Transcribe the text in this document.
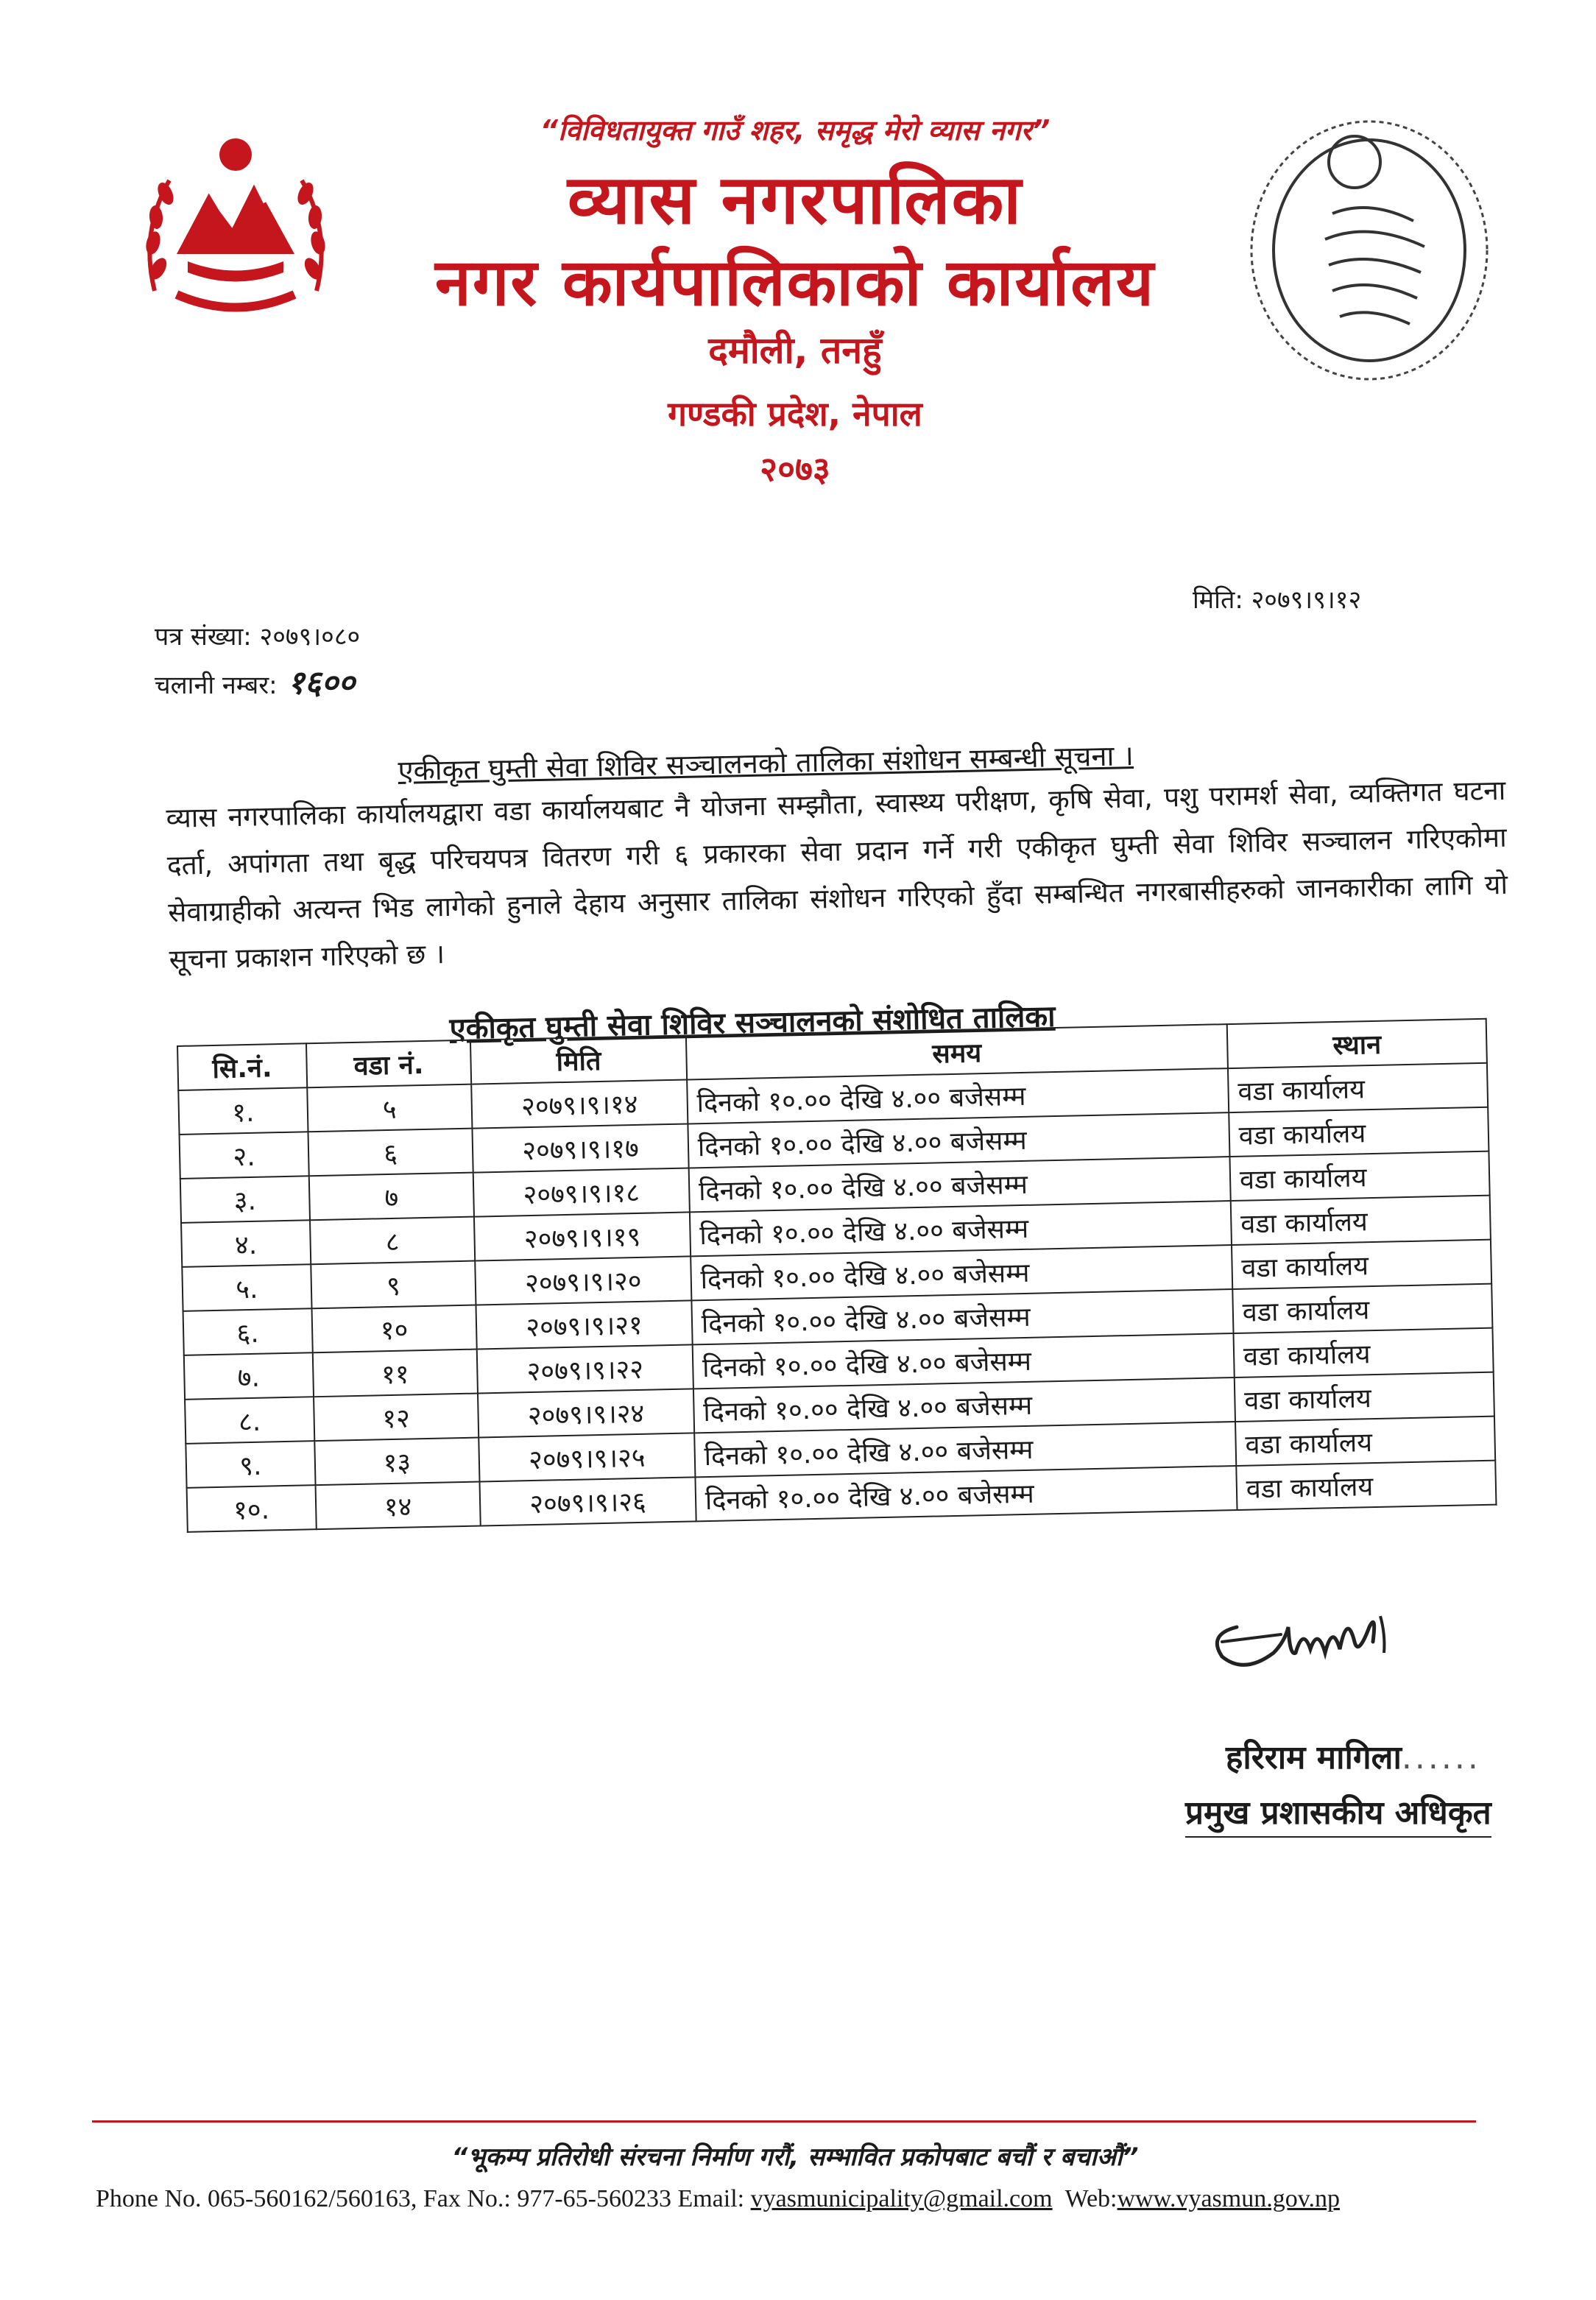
“विविधतायुक्त गाउँ शहर, समृद्ध मेरो व्यास नगर”
व्यास नगरपालिका
नगर कार्यपालिकाको कार्यालय
दमौली, तनहुँ
गण्डकी प्रदेश, नेपाल
२०७३
मिति: २०७९।९।१२
पत्र संख्या: २०७९।०८०
चलानी नम्बर: १६००
एकीकृत घुम्ती सेवा शिविर सञ्चालनको तालिका संशोधन सम्बन्धी सूचना ।
व्यास नगरपालिका कार्यालयद्वारा वडा कार्यालयबाट नै योजना सम्झौता, स्वास्थ्य परीक्षण, कृषि सेवा, पशु परामर्श सेवा, व्यक्तिगत घटना दर्ता, अपांगता तथा बृद्ध परिचयपत्र वितरण गरी ६ प्रकारका सेवा प्रदान गर्ने गरी एकीकृत घुम्ती सेवा शिविर सञ्चालन गरिएकोमा सेवाग्राहीको अत्यन्त भिड लागेको हुनाले देहाय अनुसार तालिका संशोधन गरिएको हुँदा सम्बन्धित नगरबासीहरुको जानकारीका लागि यो सूचना प्रकाशन गरिएको छ ।
एकीकृत घुम्ती सेवा शिविर सञ्चालनको संशोधित तालिका
सि.नं.	वडा नं.	मिति	समय	स्थान
१.	५	२०७९।९।१४	दिनको १०.०० देखि ४.०० बजेसम्म	वडा कार्यालय
२.	६	२०७९।९।१७	दिनको १०.०० देखि ४.०० बजेसम्म	वडा कार्यालय
३.	७	२०७९।९।१८	दिनको १०.०० देखि ४.०० बजेसम्म	वडा कार्यालय
४.	८	२०७९।९।१९	दिनको १०.०० देखि ४.०० बजेसम्म	वडा कार्यालय
५.	९	२०७९।९।२०	दिनको १०.०० देखि ४.०० बजेसम्म	वडा कार्यालय
६.	१०	२०७९।९।२१	दिनको १०.०० देखि ४.०० बजेसम्म	वडा कार्यालय
७.	११	२०७९।९।२२	दिनको १०.०० देखि ४.०० बजेसम्म	वडा कार्यालय
८.	१२	२०७९।९।२४	दिनको १०.०० देखि ४.०० बजेसम्म	वडा कार्यालय
९.	१३	२०७९।९।२५	दिनको १०.०० देखि ४.०० बजेसम्म	वडा कार्यालय
१०.	१४	२०७९।९।२६	दिनको १०.०० देखि ४.०० बजेसम्म	वडा कार्यालय
हरिराम मागिला......
प्रमुख प्रशासकीय अधिकृत
“भूकम्प प्रतिरोधी संरचना निर्माण गरौं, सम्भावित प्रकोपबाट बचौं र बचाऔं”
Phone No. 065-560162/560163, Fax No.: 977-65-560233 Email: vyasmunicipality@gmail.com Web:www.vyasmun.gov.np
